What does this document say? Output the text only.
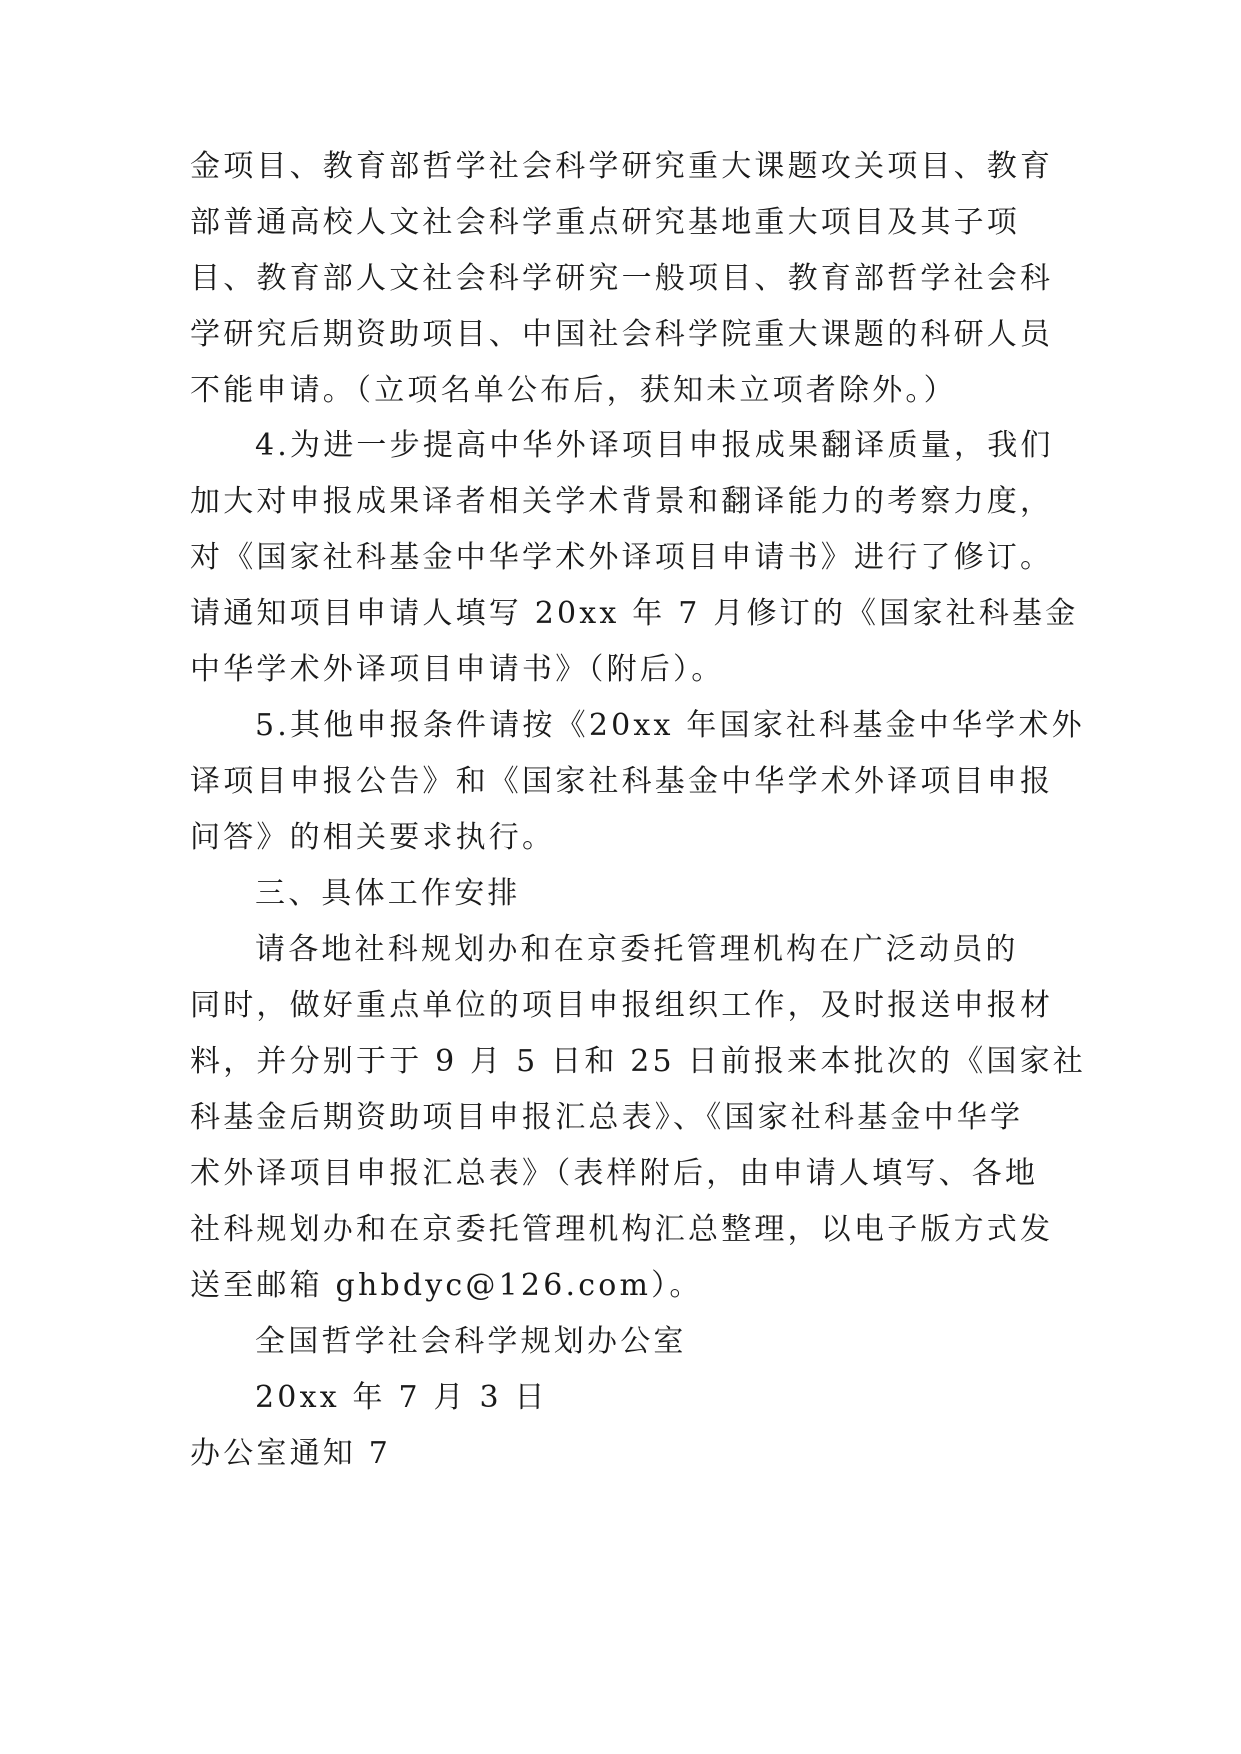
金项目、教育部哲学社会科学研究重大课题攻关项目、教育
部普通高校人文社会科学重点研究基地重大项目及其子项
目、教育部人文社会科学研究一般项目、教育部哲学社会科
学研究后期资助项目、中国社会科学院重大课题的科研人员
不能申请。（立项名单公布后，获知未立项者除外。）
4.为进一步提高中华外译项目申报成果翻译质量，我们
加大对申报成果译者相关学术背景和翻译能力的考察力度，
对《国家社科基金中华学术外译项目申请书》进行了修订。
请通知项目申请人填写 20xx 年 7 月修订的《国家社科基金
中华学术外译项目申请书》（附后）。
5.其他申报条件请按《20xx 年国家社科基金中华学术外
译项目申报公告》和《国家社科基金中华学术外译项目申报
问答》的相关要求执行。
三、具体工作安排
请各地社科规划办和在京委托管理机构在广泛动员的
同时，做好重点单位的项目申报组织工作，及时报送申报材
料，并分别于于 9 月 5 日和 25 日前报来本批次的《国家社
科基金后期资助项目申报汇总表》、《国家社科基金中华学
术外译项目申报汇总表》（表样附后，由申请人填写、各地
社科规划办和在京委托管理机构汇总整理，以电子版方式发
送至邮箱 ghbdyc@126.com）。
全国哲学社会科学规划办公室
20xx 年 7 月 3 日
办公室通知 7
